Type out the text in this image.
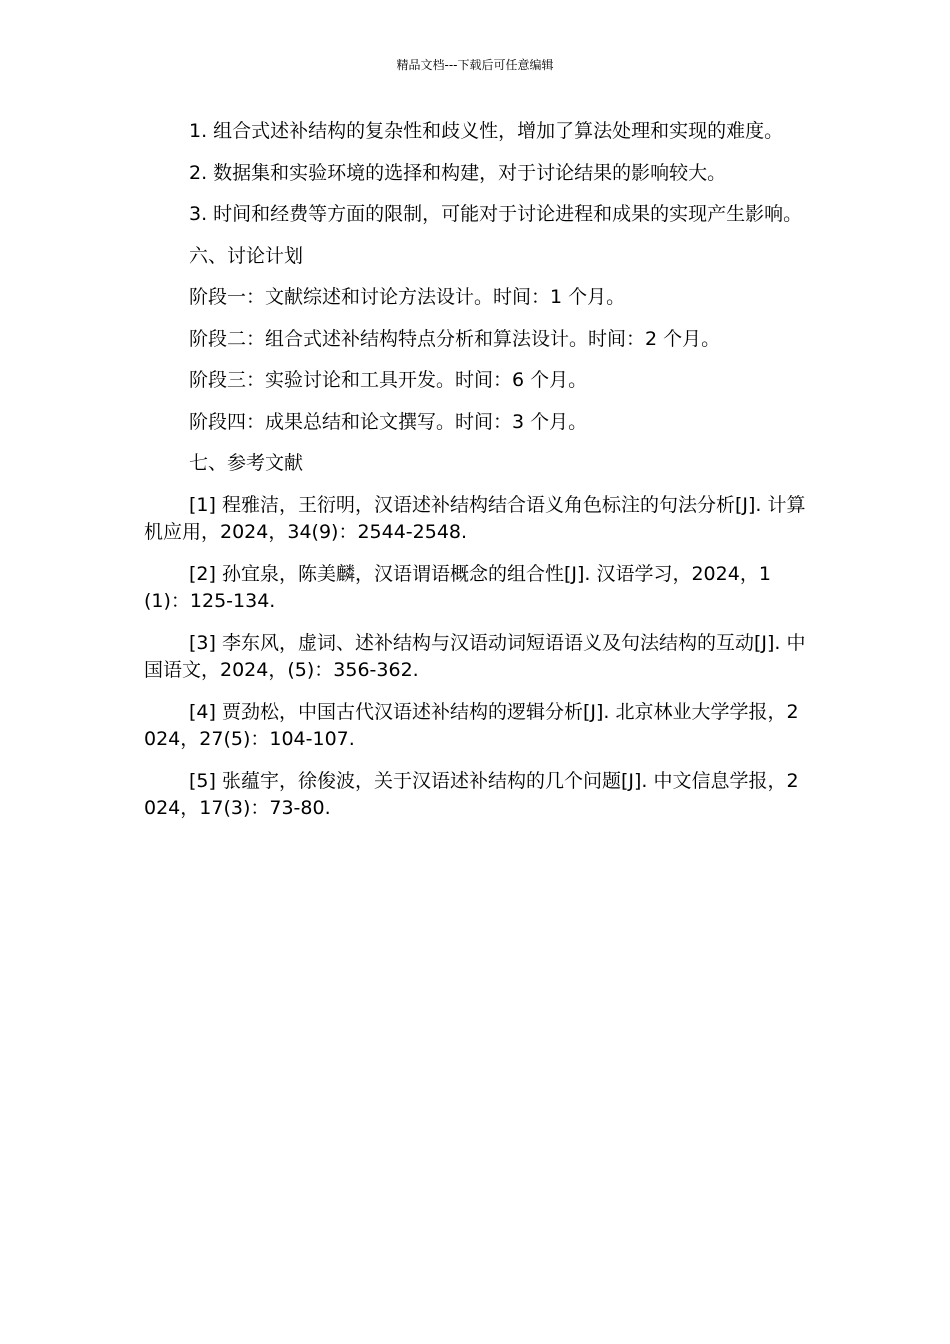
精品文档---下载后可任意编辑

1. 组合式述补结构的复杂性和歧义性，增加了算法处理和实现的难度。

2. 数据集和实验环境的选择和构建，对于讨论结果的影响较大。

3. 时间和经费等方面的限制，可能对于讨论进程和成果的实现产生影响。

六、讨论计划

阶段一：文献综述和讨论方法设计。时间：1 个月。

阶段二：组合式述补结构特点分析和算法设计。时间：2 个月。

阶段三：实验讨论和工具开发。时间：6 个月。

阶段四：成果总结和论文撰写。时间：3 个月。

七、参考文献

[1] 程雅洁，王衍明，汉语述补结构结合语义角色标注的句法分析[J]. 计算机应用，2024，34(9)：2544-2548.

[2] 孙宜泉，陈美麟，汉语谓语概念的组合性[J]. 汉语学习，2024，1(1)：125-134.

[3] 李东风，虚词、述补结构与汉语动词短语语义及句法结构的互动[J]. 中国语文，2024，(5)：356-362.

[4] 贾劲松，中国古代汉语述补结构的逻辑分析[J]. 北京林业大学学报，2024，27(5)：104-107.

[5] 张蕴宇，徐俊波，关于汉语述补结构的几个问题[J]. 中文信息学报，2024，17(3)：73-80.
